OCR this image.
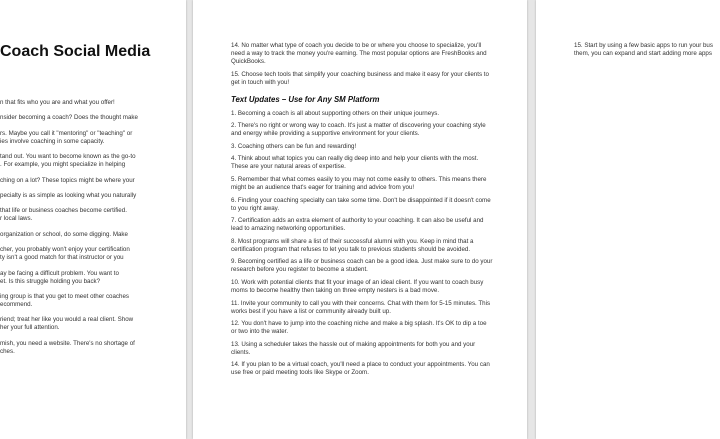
Coach Social Media

n that fits who you are and what you offer!

nsider becoming a coach? Does the thought make

rs. Maybe you call it "mentoring" or "teaching" or
ies involve coaching in some capacity.

tand out. You want to become known as the go-to
. For example, you might specialize in helping

ching on a lot? These topics might be where your

pecialty is as simple as looking what you naturally

that life or business coaches become certified.
r local laws.

organization or school, do some digging. Make

cher, you probably won't enjoy your certification
ty isn't a good match for that instructor or you

ay be facing a difficult problem. You want to
et. Is this struggle holding you back?

ing group is that you get to meet other coaches
ecommend.

riend; treat her like you would a real client. Show
her your full attention.

mish, you need a website. There's no shortage of
ches.

14. No matter what type of coach you decide to be or where you choose to specialize, you'll need a way to track the money you're earning. The most popular options are FreshBooks and QuickBooks.

15. Choose tech tools that simplify your coaching business and make it easy for your clients to get in touch with you!

Text Updates – Use for Any SM Platform

1. Becoming a coach is all about supporting others on their unique journeys.

2. There's no right or wrong way to coach. It's just a matter of discovering your coaching style and energy while providing a supportive environment for your clients.

3. Coaching others can be fun and rewarding!

4. Think about what topics you can really dig deep into and help your clients with the most. These are your natural areas of expertise.

5. Remember that what comes easily to you may not come easily to others. This means there might be an audience that's eager for training and advice from you!

6. Finding your coaching specialty can take some time. Don't be disappointed if it doesn't come to you right away.

7. Certification adds an extra element of authority to your coaching. It can also be useful and lead to amazing networking opportunities.

8. Most programs will share a list of their successful alumni with you. Keep in mind that a certification program that refuses to let you talk to previous students should be avoided.

9. Becoming certified as a life or business coach can be a good idea. Just make sure to do your research before you register to become a student.

10. Work with potential clients that fit your image of an ideal client. If you want to coach busy moms to become healthy then taking on three empty nesters is a bad move.

11. Invite your community to call you with their concerns. Chat with them for 5-15 minutes. This works best if you have a list or community already built up.

12. You don't have to jump into the coaching niche and make a big splash. It's OK to dip a toe or two into the water.

13. Using a scheduler takes the hassle out of making appointments for both you and your clients.

14. If you plan to be a virtual coach, you'll need a place to conduct your appointments. You can use free or paid meeting tools like Skype or Zoom.

15. Start by using a few basic apps to run your bus

them, you can expand and start adding more apps
